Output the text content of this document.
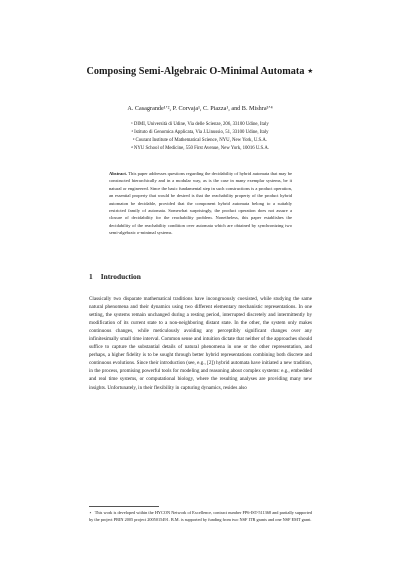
Composing Semi-Algebraic O-Minimal Automata ⋆
A. Casagrande¹ʼ², P. Corvaja¹, C. Piazza¹, and B. Mishra³ʼ⁴
¹ DIMI, Università di Udine, Via delle Scienze, 206, 33100 Udine, Italy
² Istituto di Genomica Applicata, Via J.Linussio, 51, 33100 Udine, Italy
³ Courant Institute of Mathematical Science, NYU, New York, U.S.A.
⁴ NYU School of Medicine, 550 First Avenue, New York, 10016 U.S.A.
Abstract. This paper addresses questions regarding the decidability of hybrid automata that may be constructed hierarchically and in a modular way, as is the case in many exemplar systems, be it natural or engineered. Since the basic fundamental step in such constructions is a product operation, an essential property that would be desired is that the reachability property of the product hybrid automaton be decidable, provided that the component hybrid automata belong to a suitably restricted family of automata. Somewhat surprisingly, the product operation does not assure a closure of decidability for the reachability problem. Nonetheless, this paper establishes the decidability of the reachability condition over automata which are obtained by synchronizing two semi-algebraic o-minimal systems.
1 Introduction

Classically two disparate mathematical traditions have incongruously coexisted, while studying the same natural phenomena and their dynamics using two different elementary mechanistic representations. In one setting, the systems remain unchanged during a resting period, interrupted discretely and intermittently by modification of its current state to a non-neighboring distant state. In the other, the system only makes continuous changes, while meticulously avoiding any perceptibly significant changes over any infinitesimally small time interval. Common sense and intuition dictate that neither of the approaches should suffice to capture the substantial details of natural phenomena in one or the other representation, and perhaps, a higher fidelity is to be sought through better hybrid representations combining both discrete and continuous evolutions. Since their introduction (see, e.g., [2]) hybrid automata have initiated a new tradition, in the process, promising powerful tools for modeling and reasoning about complex systems: e.g., embedded and real time systems, or computational biology, where the resulting analyses are providing many new insights. Unfortunately, in their flexibility in capturing dynamics, resides also

⋆ This work is developed within the HYCON Network of Excellence, contract number FP6-IST-511368 and partially supported by the project PRIN 2005 project 2005015491. B.M. is supported by funding from two NSF ITR grants and one NSF EMT grant.
